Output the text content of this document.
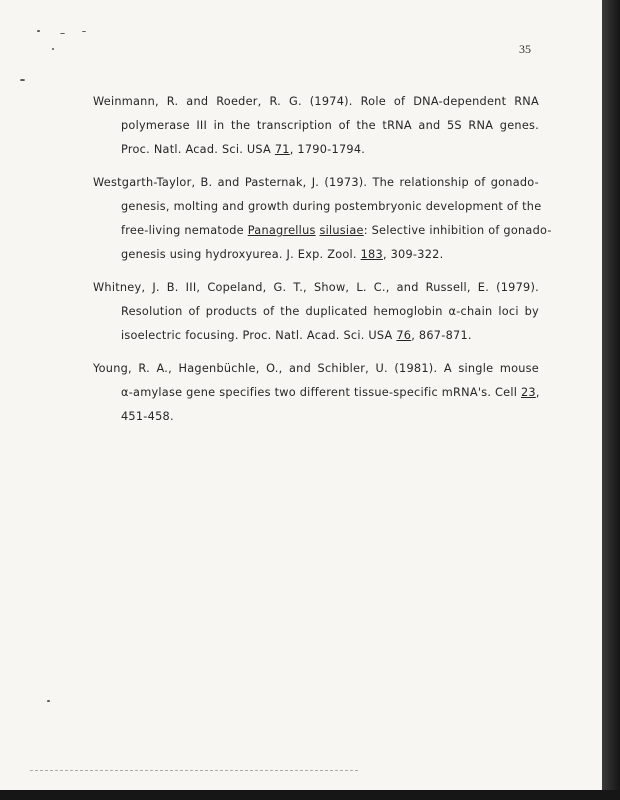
35
Weinmann, R. and Roeder, R. G. (1974). Role of DNA-dependent RNA
polymerase III in the transcription of the tRNA and 5S RNA genes.
Proc. Natl. Acad. Sci. USA 71, 1790-1794.
Westgarth-Taylor, B. and Pasternak, J. (1973). The relationship of gonado-
genesis, molting and growth during postembryonic development of the
free-living nematode Panagrellus silusiae: Selective inhibition of gonado-
genesis using hydroxyurea. J. Exp. Zool. 183, 309-322.
Whitney, J. B. III, Copeland, G. T., Show, L. C., and Russell, E. (1979).
Resolution of products of the duplicated hemoglobin α-chain loci by
isoelectric focusing. Proc. Natl. Acad. Sci. USA 76, 867-871.
Young, R. A., Hagenbüchle, O., and Schibler, U. (1981). A single mouse
α-amylase gene specifies two different tissue-specific mRNA's. Cell 23,
451-458.
